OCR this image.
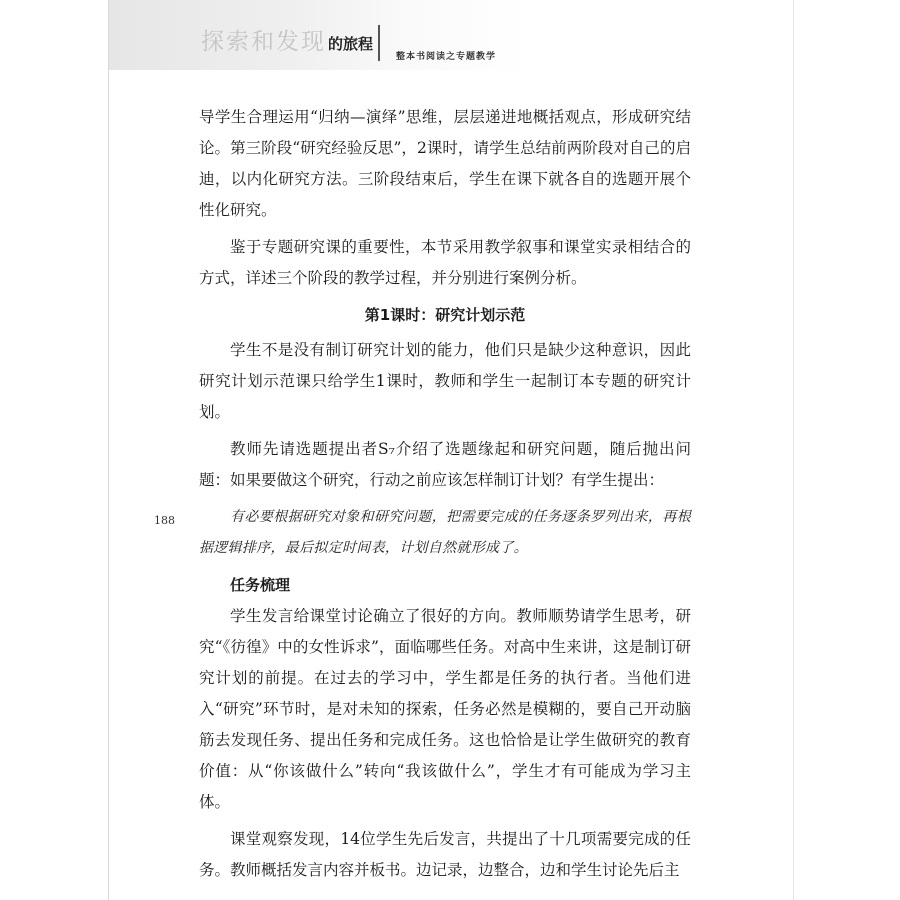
探索和发现 的旅程
整本书阅读之专题教学

导学生合理运用“归纳—演绎”思维，层层递进地概括观点，形成研究结论。第三阶段“研究经验反思”，2课时，请学生总结前两阶段对自己的启迪，以内化研究方法。三阶段结束后，学生在课下就各自的选题开展个性化研究。

鉴于专题研究课的重要性，本节采用教学叙事和课堂实录相结合的方式，详述三个阶段的教学过程，并分别进行案例分析。

第1课时：研究计划示范

学生不是没有制订研究计划的能力，他们只是缺少这种意识，因此研究计划示范课只给学生1课时，教师和学生一起制订本专题的研究计划。

教师先请选题提出者S₇介绍了选题缘起和研究问题，随后抛出问题：如果要做这个研究，行动之前应该怎样制订计划？有学生提出：

有必要根据研究对象和研究问题，把需要完成的任务逐条罗列出来，再根据逻辑排序，最后拟定时间表，计划自然就形成了。

任务梳理

学生发言给课堂讨论确立了很好的方向。教师顺势请学生思考，研究“《彷徨》中的女性诉求”，面临哪些任务。对高中生来讲，这是制订研究计划的前提。在过去的学习中，学生都是任务的执行者。当他们进入“研究”环节时，是对未知的探索，任务必然是模糊的，要自己开动脑筋去发现任务、提出任务和完成任务。这也恰恰是让学生做研究的教育价值：从“你该做什么”转向“我该做什么”，学生才有可能成为学习主体。

课堂观察发现，14位学生先后发言，共提出了十几项需要完成的任务。教师概括发言内容并板书。边记录，边整合，边和学生讨论先后主

188
